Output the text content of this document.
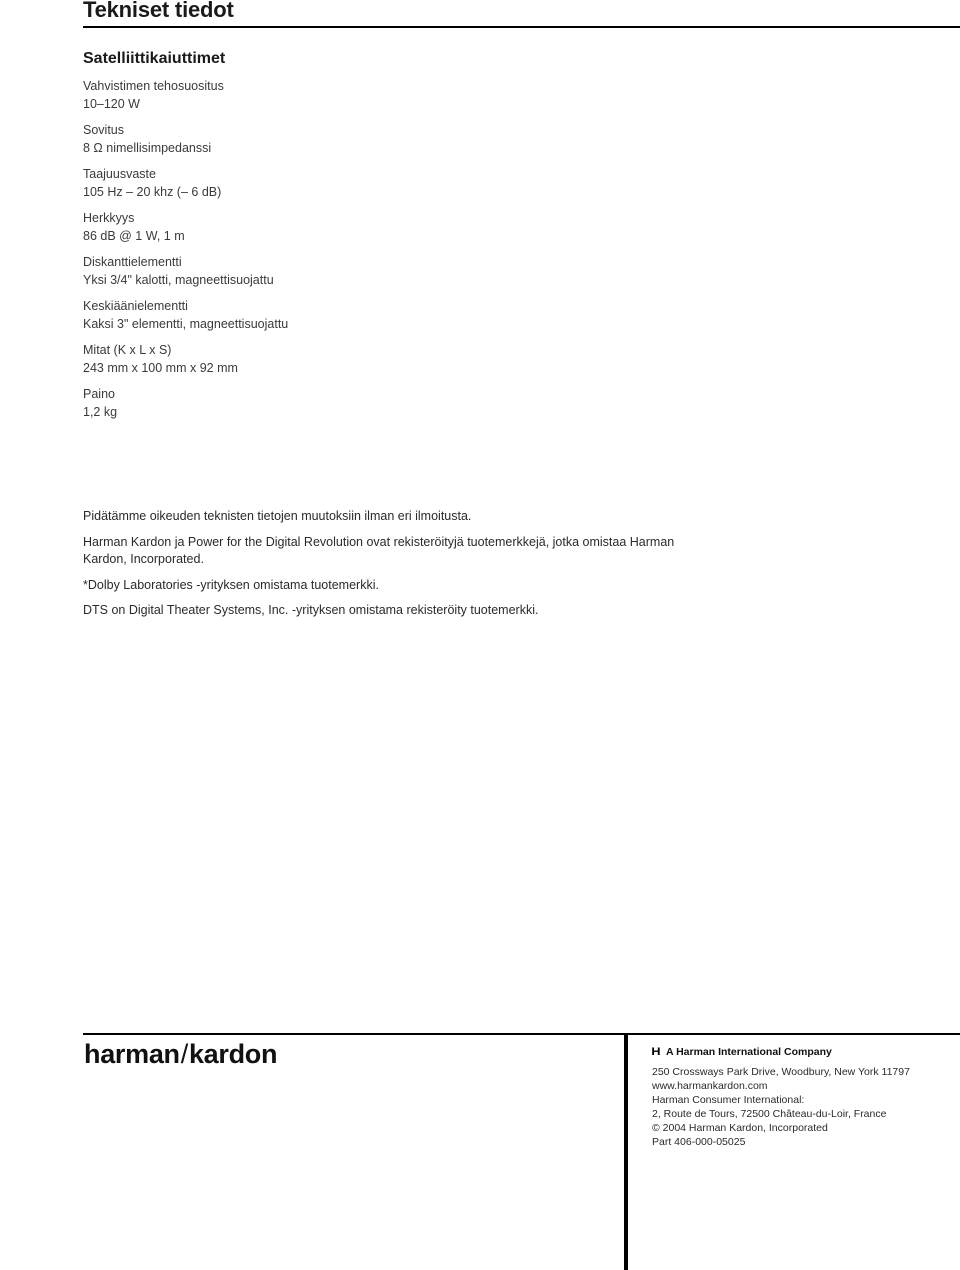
Tekniset tiedot
Satelliittikaiuttimet
Vahvistimen tehosuositus
10–120 W
Sovitus
8 Ω nimellisimpedanssi
Taajuusvaste
105 Hz – 20 khz (– 6 dB)
Herkkyys
86 dB @ 1 W, 1 m
Diskanttielementti
Yksi 3/4" kalotti, magneettisuojattu
Keskiäänielementti
Kaksi 3" elementti, magneettisuojattu
Mitat (K x L x S)
243 mm x 100 mm x 92 mm
Paino
1,2 kg

Pidätämme oikeuden teknisten tietojen muutoksiin ilman eri ilmoitusta.

Harman Kardon ja Power for the Digital Revolution ovat rekisteröityjä tuotemerkkejä, jotka omistaa Harman Kardon, Incorporated.

*Dolby Laboratories -yrityksen omistama tuotemerkki.

DTS on Digital Theater Systems, Inc. -yrityksen omistama rekisteröity tuotemerkki.

harman/kardon	H A Harman International Company
250 Crossways Park Drive, Woodbury, New York 11797
www.harmankardon.com
Harman Consumer International:
2, Route de Tours, 72500 Château-du-Loir, France
© 2004 Harman Kardon, Incorporated
Part 406-000-05025
